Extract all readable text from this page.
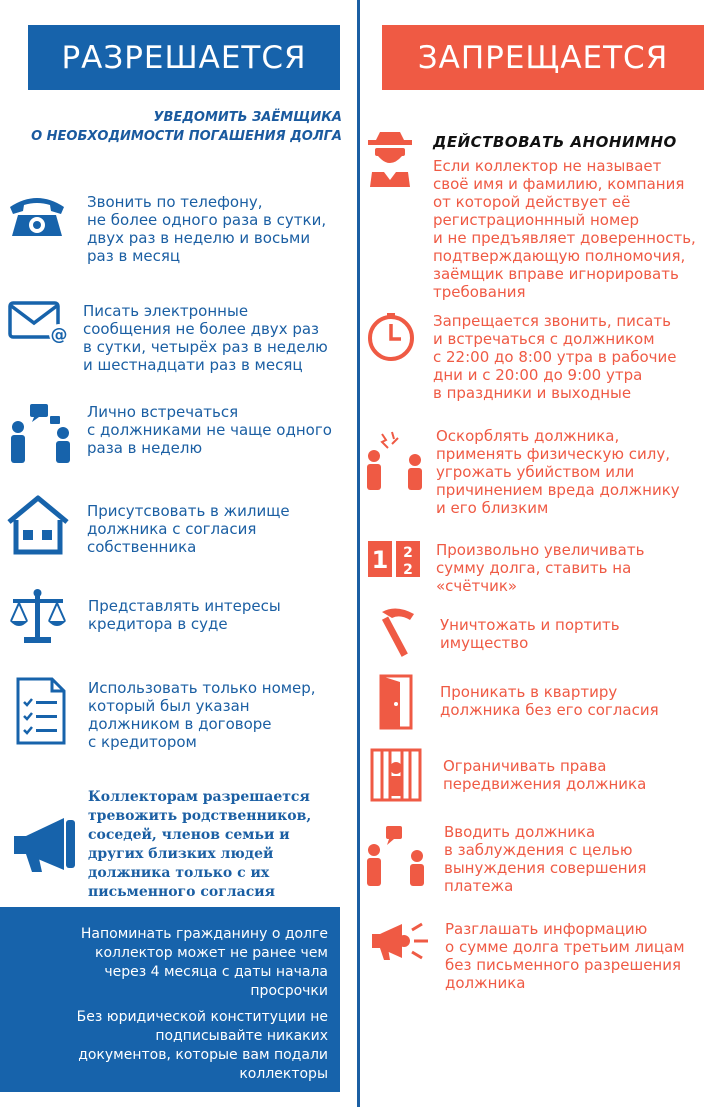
РАЗРЕШАЕТСЯ	ЗАПРЕЩАЕТСЯ
УВЕДОМИТЬ ЗАЁМЩИКА
О НЕОБХОДИМОСТИ ПОГАШЕНИЯ ДОЛГА
Звонить по телефону,
не более одного раза в сутки,
двух раз в неделю и восьми
раз в месяц
@
Писать электронные
сообщения не более двух раз
в сутки, четырёх раз в неделю
и шестнадцати раз в месяц
Лично встречаться
с должниками не чаще одного
раза в неделю
Присутсвовать в жилище
должника с согласия
собственника
Представлять интересы
кредитора в суде
Использовать только номер,
который был указан
должником в договоре
с кредитором
Коллекторам разрешается
тревожить родственников,
соседей, членов семьи и
других близких людей
должника только с их
письменного согласия
Напоминать гражданину о долге
коллектор может не ранее чем
через 4 месяца с даты начала
просрочки
Без юридической конституции не
подписывайте никаких
документов, которые вам подали
коллекторы
ДЕЙСТВОВАТЬ АНОНИМНО
Если коллектор не называет
своё имя и фамилию, компания
от которой действует её
регистрационнный номер
и не предъявляет доверенность,
подтверждающую полномочия,
заёмщик вправе игнорировать
требования
Запрещается звонить, писать
и встречаться с должником
с 22:00 до 8:00 утра в рабочие
дни и с 20:00 до 9:00 утра
в праздники и выходные
Оскорблять должника,
применять физическую силу,
угрожать убийством или
причинением вреда должнику
и его близким
1 2
2
Произвольно увеличивать
сумму долга, ставить на
«счётчик»
Уничтожать и портить
имущество
Проникать в квартиру
должника без его согласия
Ограничивать права
передвижения должника
Вводить должника
в заблуждения с целью
вынуждения совершения
платежа
Разглашать информацию
о сумме долга третьим лицам
без письменного разрешения
должника
